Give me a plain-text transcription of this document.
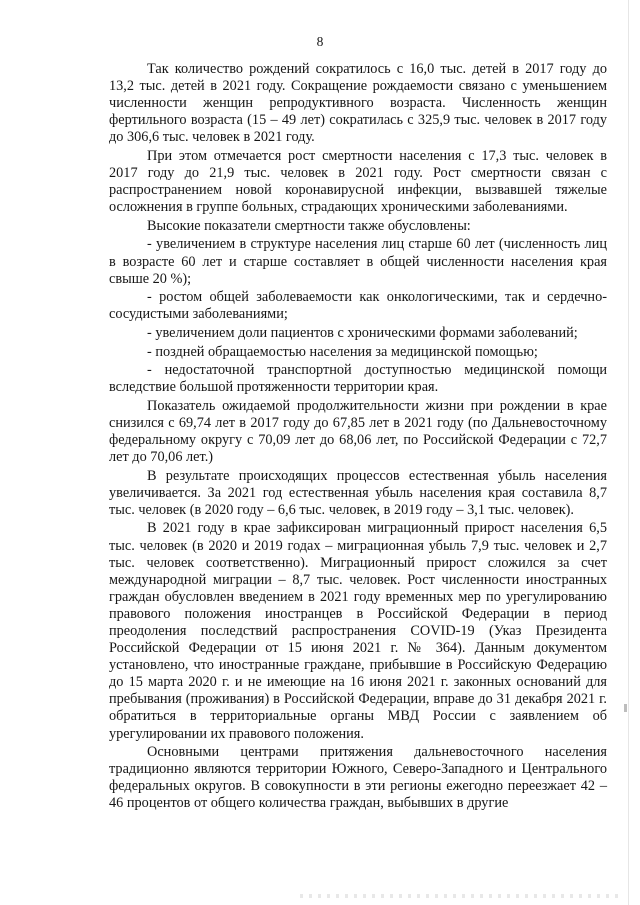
8

Так количество рождений сократилось с 16,0 тыс. детей в 2017 году до 13,2 тыс. детей в 2021 году. Сокращение рождаемости связано с уменьшением численности женщин репродуктивного возраста. Численность женщин фертильного возраста (15 – 49 лет) сократилась с 325,9 тыс. человек в 2017 году до 306,6 тыс. человек в 2021 году.

При этом отмечается рост смертности населения с 17,3 тыс. человек в 2017 году до 21,9 тыс. человек в 2021 году. Рост смертности связан с распространением новой коронавирусной инфекции, вызвавшей тяжелые осложнения в группе больных, страдающих хроническими заболеваниями.

Высокие показатели смертности также обусловлены:

- увеличением в структуре населения лиц старше 60 лет (численность лиц в возрасте 60 лет и старше составляет в общей численности населения края свыше 20 %);

- ростом общей заболеваемости как онкологическими, так и сердечно-сосудистыми заболеваниями;

- увеличением доли пациентов с хроническими формами заболеваний;

- поздней обращаемостью населения за медицинской помощью;

- недостаточной транспортной доступностью медицинской помощи вследствие большой протяженности территории края.

Показатель ожидаемой продолжительности жизни при рождении в крае снизился с 69,74 лет в 2017 году до 67,85 лет в 2021 году (по Дальневосточному федеральному округу с 70,09 лет до 68,06 лет, по Российской Федерации с 72,7 лет до 70,06 лет.)

В результате происходящих процессов естественная убыль населения увеличивается. За 2021 год естественная убыль населения края составила 8,7 тыс. человек (в 2020 году – 6,6 тыс. человек, в 2019 году – 3,1 тыс. человек).

В 2021 году в крае зафиксирован миграционный прирост населения 6,5 тыс. человек (в 2020 и 2019 годах – миграционная убыль 7,9 тыс. человек и 2,7 тыс. человек соответственно). Миграционный прирост сложился за счет международной миграции – 8,7 тыс. человек. Рост численности иностранных граждан обусловлен введением в 2021 году временных мер по урегулированию правового положения иностранцев в Российской Федерации в период преодоления последствий распространения COVID-19 (Указ Президента Российской Федерации от 15 июня 2021 г. № 364). Данным документом установлено, что иностранные граждане, прибывшие в Российскую Федерацию до 15 марта 2020 г. и не имеющие на 16 июня 2021 г. законных оснований для пребывания (проживания) в Российской Федерации, вправе до 31 декабря 2021 г. обратиться в территориальные органы МВД России с заявлением об урегулировании их правового положения.

Основными центрами притяжения дальневосточного населения традиционно являются территории Южного, Северо-Западного и Центрального федеральных округов. В совокупности в эти регионы ежегодно переезжает 42 – 46 процентов от общего количества граждан, выбывших в другие
